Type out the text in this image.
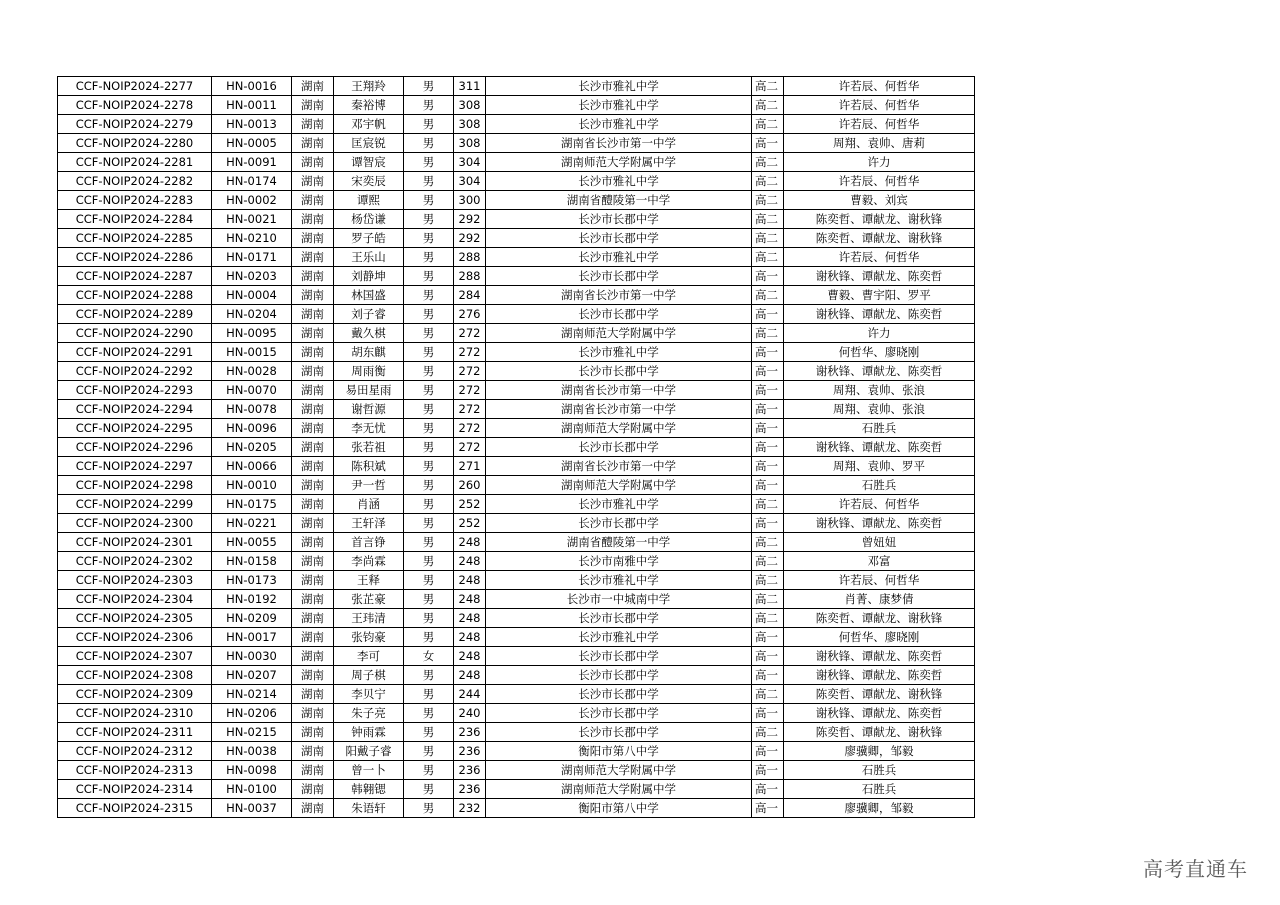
CCF-NOIP2024-2277	HN-0016	湖南	王翔羚	男	311	长沙市雅礼中学	高二	许若辰、何哲华
CCF-NOIP2024-2278	HN-0011	湖南	秦裕博	男	308	长沙市雅礼中学	高二	许若辰、何哲华
CCF-NOIP2024-2279	HN-0013	湖南	邓宇帆	男	308	长沙市雅礼中学	高二	许若辰、何哲华
CCF-NOIP2024-2280	HN-0005	湖南	匡宸锐	男	308	湖南省长沙市第一中学	高一	周翔、袁帅、唐莉
CCF-NOIP2024-2281	HN-0091	湖南	谭智宸	男	304	湖南师范大学附属中学	高二	许力
CCF-NOIP2024-2282	HN-0174	湖南	宋奕辰	男	304	长沙市雅礼中学	高二	许若辰、何哲华
CCF-NOIP2024-2283	HN-0002	湖南	谭熙	男	300	湖南省醴陵第一中学	高二	曹毅、刘宾
CCF-NOIP2024-2284	HN-0021	湖南	杨岱谦	男	292	长沙市长郡中学	高二	陈奕哲、谭献龙、谢秋锋
CCF-NOIP2024-2285	HN-0210	湖南	罗子皓	男	292	长沙市长郡中学	高二	陈奕哲、谭献龙、谢秋锋
CCF-NOIP2024-2286	HN-0171	湖南	王乐山	男	288	长沙市雅礼中学	高二	许若辰、何哲华
CCF-NOIP2024-2287	HN-0203	湖南	刘静坤	男	288	长沙市长郡中学	高一	谢秋锋、谭献龙、陈奕哲
CCF-NOIP2024-2288	HN-0004	湖南	林国盛	男	284	湖南省长沙市第一中学	高二	曹毅、曹宇阳、罗平
CCF-NOIP2024-2289	HN-0204	湖南	刘子睿	男	276	长沙市长郡中学	高一	谢秋锋、谭献龙、陈奕哲
CCF-NOIP2024-2290	HN-0095	湖南	戴久棋	男	272	湖南师范大学附属中学	高二	许力
CCF-NOIP2024-2291	HN-0015	湖南	胡东麒	男	272	长沙市雅礼中学	高一	何哲华、廖晓刚
CCF-NOIP2024-2292	HN-0028	湖南	周雨衡	男	272	长沙市长郡中学	高一	谢秋锋、谭献龙、陈奕哲
CCF-NOIP2024-2293	HN-0070	湖南	易田星雨	男	272	湖南省长沙市第一中学	高一	周翔、袁帅、张浪
CCF-NOIP2024-2294	HN-0078	湖南	谢哲源	男	272	湖南省长沙市第一中学	高一	周翔、袁帅、张浪
CCF-NOIP2024-2295	HN-0096	湖南	李无忧	男	272	湖南师范大学附属中学	高一	石胜兵
CCF-NOIP2024-2296	HN-0205	湖南	张若祖	男	272	长沙市长郡中学	高一	谢秋锋、谭献龙、陈奕哲
CCF-NOIP2024-2297	HN-0066	湖南	陈积斌	男	271	湖南省长沙市第一中学	高一	周翔、袁帅、罗平
CCF-NOIP2024-2298	HN-0010	湖南	尹一哲	男	260	湖南师范大学附属中学	高一	石胜兵
CCF-NOIP2024-2299	HN-0175	湖南	肖涵	男	252	长沙市雅礼中学	高二	许若辰、何哲华
CCF-NOIP2024-2300	HN-0221	湖南	王轩泽	男	252	长沙市长郡中学	高一	谢秋锋、谭献龙、陈奕哲
CCF-NOIP2024-2301	HN-0055	湖南	首言铮	男	248	湖南省醴陵第一中学	高二	曾妞妞
CCF-NOIP2024-2302	HN-0158	湖南	李尚霖	男	248	长沙市南雅中学	高二	邓富
CCF-NOIP2024-2303	HN-0173	湖南	王释	男	248	长沙市雅礼中学	高二	许若辰、何哲华
CCF-NOIP2024-2304	HN-0192	湖南	张芷豪	男	248	长沙市一中城南中学	高二	肖菁、康梦倩
CCF-NOIP2024-2305	HN-0209	湖南	王玮清	男	248	长沙市长郡中学	高二	陈奕哲、谭献龙、谢秋锋
CCF-NOIP2024-2306	HN-0017	湖南	张钧豪	男	248	长沙市雅礼中学	高一	何哲华、廖晓刚
CCF-NOIP2024-2307	HN-0030	湖南	李可	女	248	长沙市长郡中学	高一	谢秋锋、谭献龙、陈奕哲
CCF-NOIP2024-2308	HN-0207	湖南	周子棋	男	248	长沙市长郡中学	高一	谢秋锋、谭献龙、陈奕哲
CCF-NOIP2024-2309	HN-0214	湖南	李贝宁	男	244	长沙市长郡中学	高二	陈奕哲、谭献龙、谢秋锋
CCF-NOIP2024-2310	HN-0206	湖南	朱子亮	男	240	长沙市长郡中学	高一	谢秋锋、谭献龙、陈奕哲
CCF-NOIP2024-2311	HN-0215	湖南	钟雨霖	男	236	长沙市长郡中学	高二	陈奕哲、谭献龙、谢秋锋
CCF-NOIP2024-2312	HN-0038	湖南	阳戴子睿	男	236	衡阳市第八中学	高一	廖骥卿，邹毅
CCF-NOIP2024-2313	HN-0098	湖南	曾一卜	男	236	湖南师范大学附属中学	高一	石胜兵
CCF-NOIP2024-2314	HN-0100	湖南	韩翱锶	男	236	湖南师范大学附属中学	高一	石胜兵
CCF-NOIP2024-2315	HN-0037	湖南	朱语轩	男	232	衡阳市第八中学	高一	廖骥卿，邹毅
高考直通车
